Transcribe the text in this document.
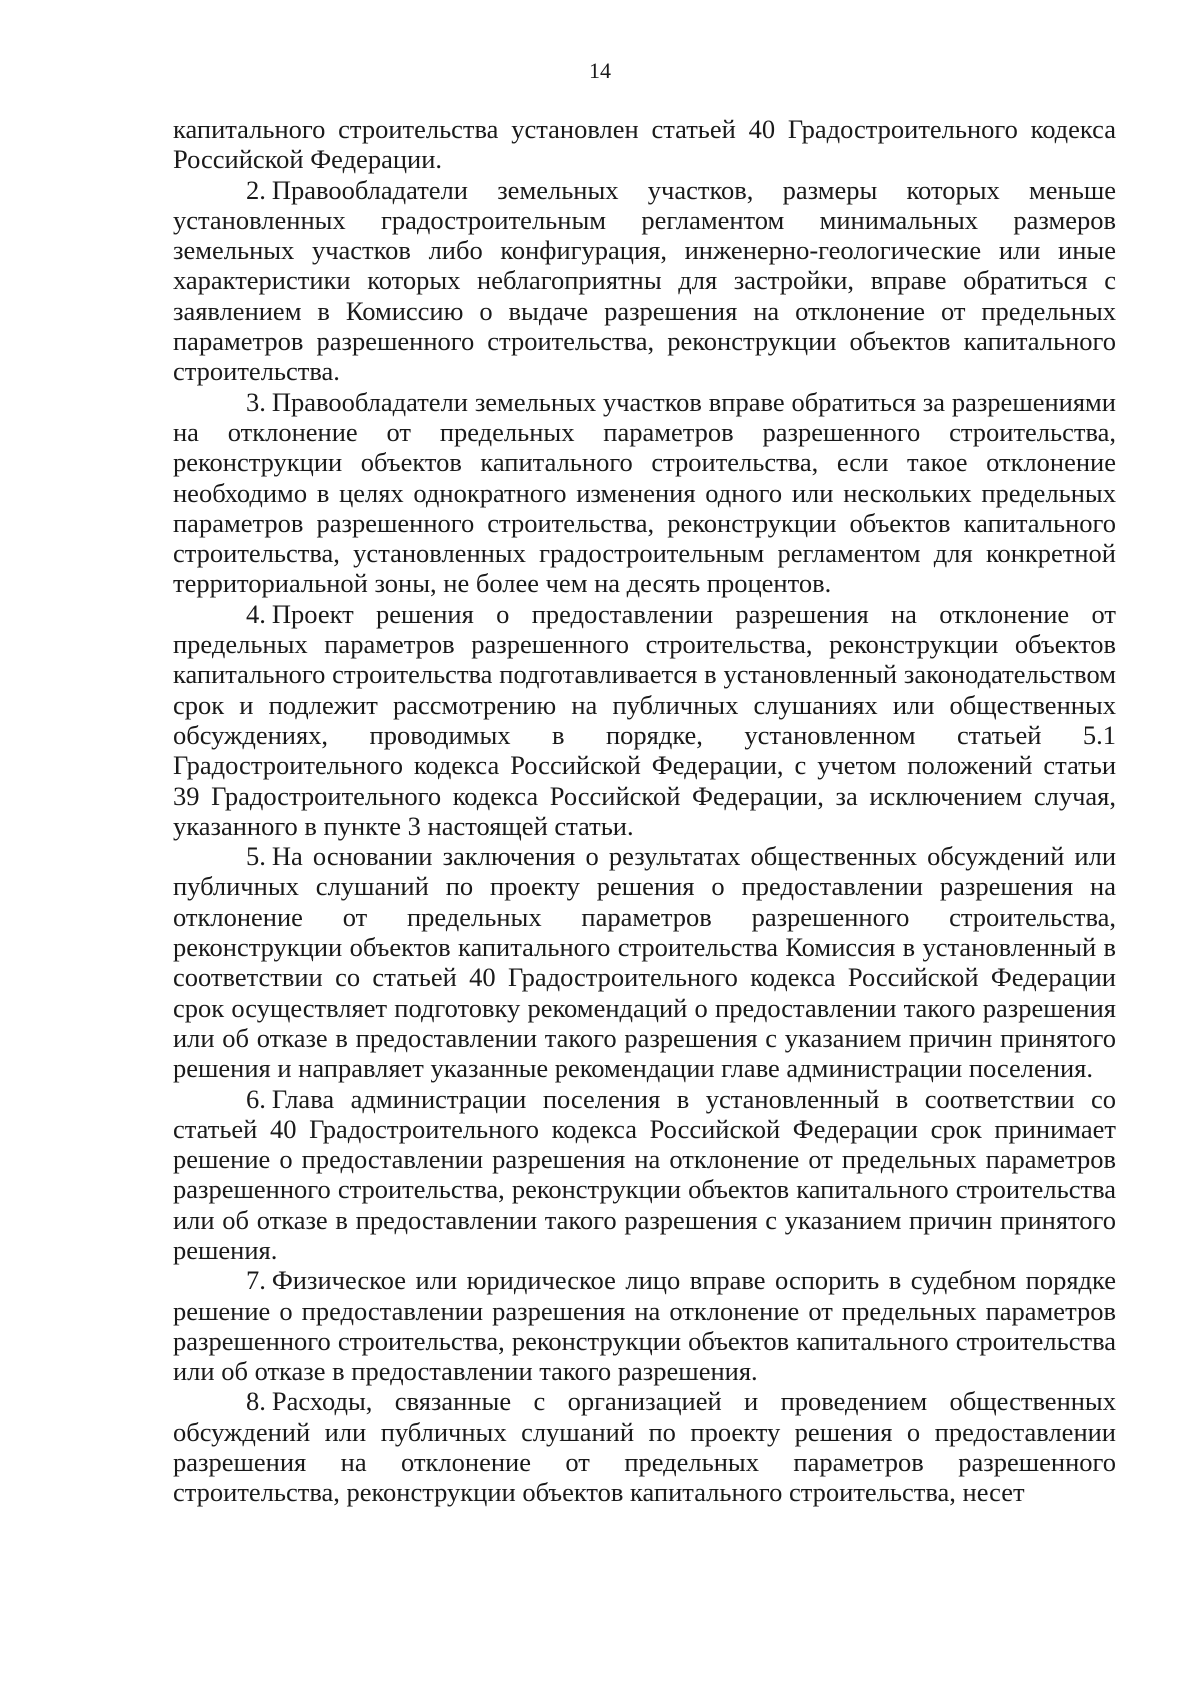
14

капитального строительства установлен статьей 40 Градостроительного кодекса Российской Федерации.

2. Правообладатели земельных участков, размеры которых меньше установленных градостроительным регламентом минимальных размеров земельных участков либо конфигурация, инженерно-геологические или иные характеристики которых неблагоприятны для застройки, вправе обратиться с заявлением в Комиссию о выдаче разрешения на отклонение от предельных параметров разрешенного строительства, реконструкции объектов капитального строительства.

3. Правообладатели земельных участков вправе обратиться за разрешениями на отклонение от предельных параметров разрешенного строительства, реконструкции объектов капитального строительства, если такое отклонение необходимо в целях однократного изменения одного или нескольких предельных параметров разрешенного строительства, реконструкции объектов капитального строительства, установленных градостроительным регламентом для конкретной территориальной зоны, не более чем на десять процентов.

4. Проект решения о предоставлении разрешения на отклонение от предельных параметров разрешенного строительства, реконструкции объектов капитального строительства подготавливается в установленный законодательством срок и подлежит рассмотрению на публичных слушаниях или общественных обсуждениях, проводимых в порядке, установленном статьей 5.1 Градостроительного кодекса Российской Федерации, с учетом положений статьи 39 Градостроительного кодекса Российской Федерации, за исключением случая, указанного в пункте 3 настоящей статьи.

5. На основании заключения о результатах общественных обсуждений или публичных слушаний по проекту решения о предоставлении разрешения на отклонение от предельных параметров разрешенного строительства, реконструкции объектов капитального строительства Комиссия в установленный в соответствии со статьей 40 Градостроительного кодекса Российской Федерации срок осуществляет подготовку рекомендаций о предоставлении такого разрешения или об отказе в предоставлении такого разрешения с указанием причин принятого решения и направляет указанные рекомендации главе администрации поселения.

6. Глава администрации поселения в установленный в соответствии со статьей 40 Градостроительного кодекса Российской Федерации срок принимает решение о предоставлении разрешения на отклонение от предельных параметров разрешенного строительства, реконструкции объектов капитального строительства или об отказе в предоставлении такого разрешения с указанием причин принятого решения.

7. Физическое или юридическое лицо вправе оспорить в судебном порядке решение о предоставлении разрешения на отклонение от предельных параметров разрешенного строительства, реконструкции объектов капитального строительства или об отказе в предоставлении такого разрешения.

8. Расходы, связанные с организацией и проведением общественных обсуждений или публичных слушаний по проекту решения о предоставлении разрешения на отклонение от предельных параметров разрешенного строительства, реконструкции объектов капитального строительства, несет
